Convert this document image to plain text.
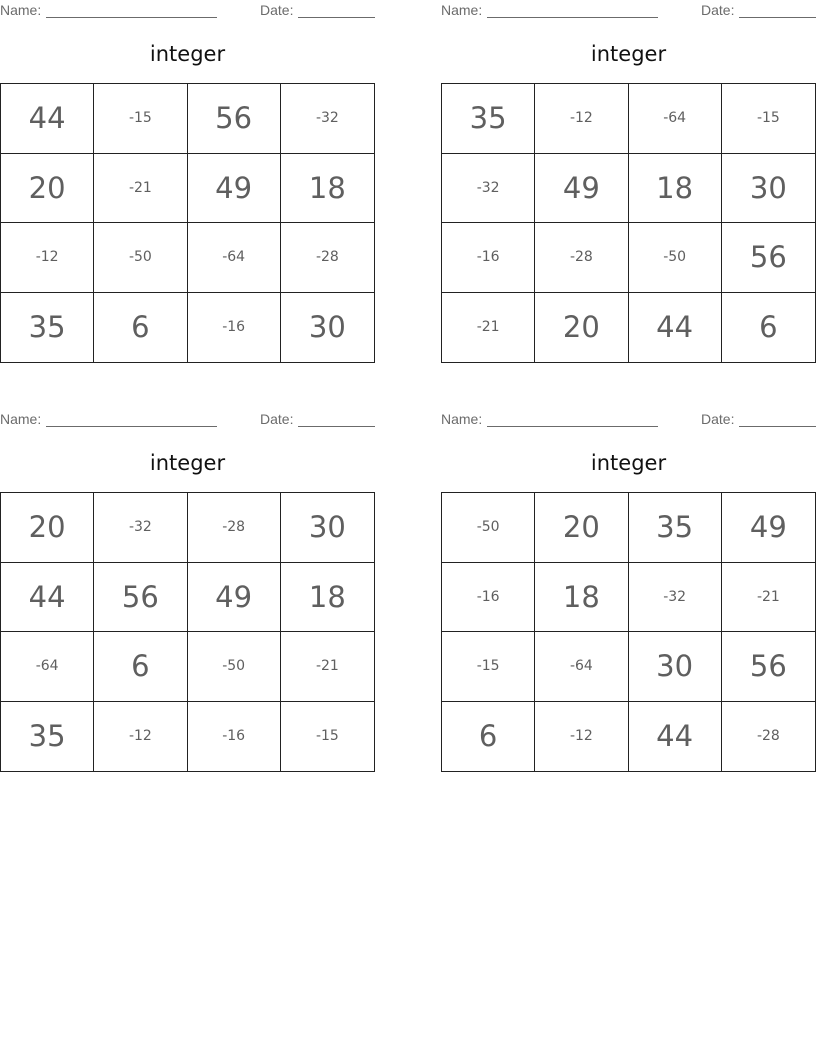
Name:	Date:
integer
44	-15	56	-32
20	-21	49	18
-12	-50	-64	-28
35	6	-16	30
Name:	Date:
integer
35	-12	-64	-15
-32	49	18	30
-16	-28	-50	56
-21	20	44	6
Name:	Date:
integer
20	-32	-28	30
44	56	49	18
-64	6	-50	-21
35	-12	-16	-15
Name:	Date:
integer
-50	20	35	49
-16	18	-32	-21
-15	-64	30	56
6	-12	44	-28
